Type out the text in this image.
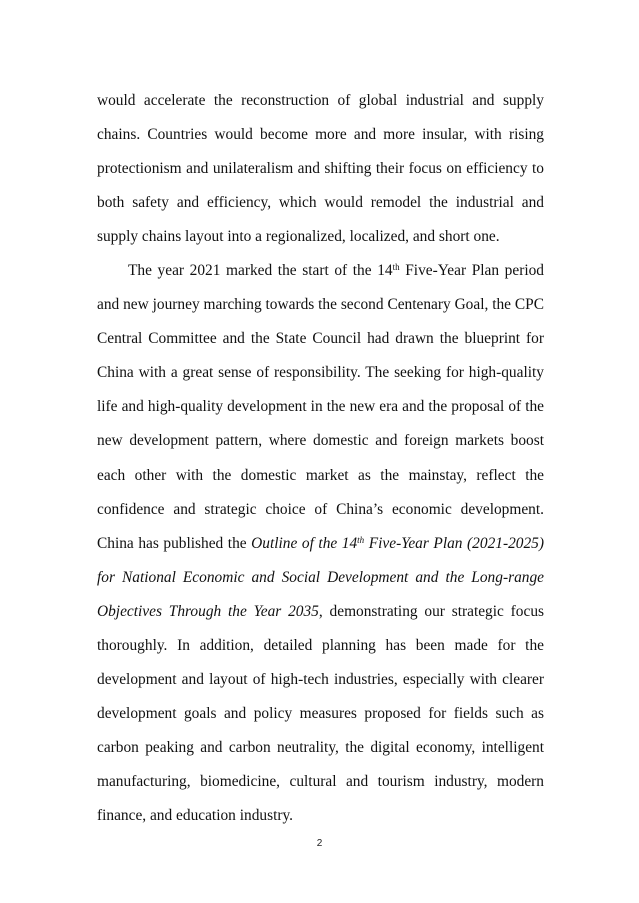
would accelerate the reconstruction of global industrial and supply chains. Countries would become more and more insular, with rising protectionism and unilateralism and shifting their focus on efficiency to both safety and efficiency, which would remodel the industrial and supply chains layout into a regionalized, localized, and short one.

The year 2021 marked the start of the 14th Five-Year Plan period and new journey marching towards the second Centenary Goal, the CPC Central Committee and the State Council had drawn the blueprint for China with a great sense of responsibility. The seeking for high-quality life and high-quality development in the new era and the proposal of the new development pattern, where domestic and foreign markets boost each other with the domestic market as the mainstay, reflect the confidence and strategic choice of China’s economic development. China has published the Outline of the 14th Five-Year Plan (2021-2025) for National Economic and Social Development and the Long-range Objectives Through the Year 2035, demonstrating our strategic focus thoroughly. In addition, detailed planning has been made for the development and layout of high-tech industries, especially with clearer development goals and policy measures proposed for fields such as carbon peaking and carbon neutrality, the digital economy, intelligent manufacturing, biomedicine, cultural and tourism industry, modern finance, and education industry.

2
